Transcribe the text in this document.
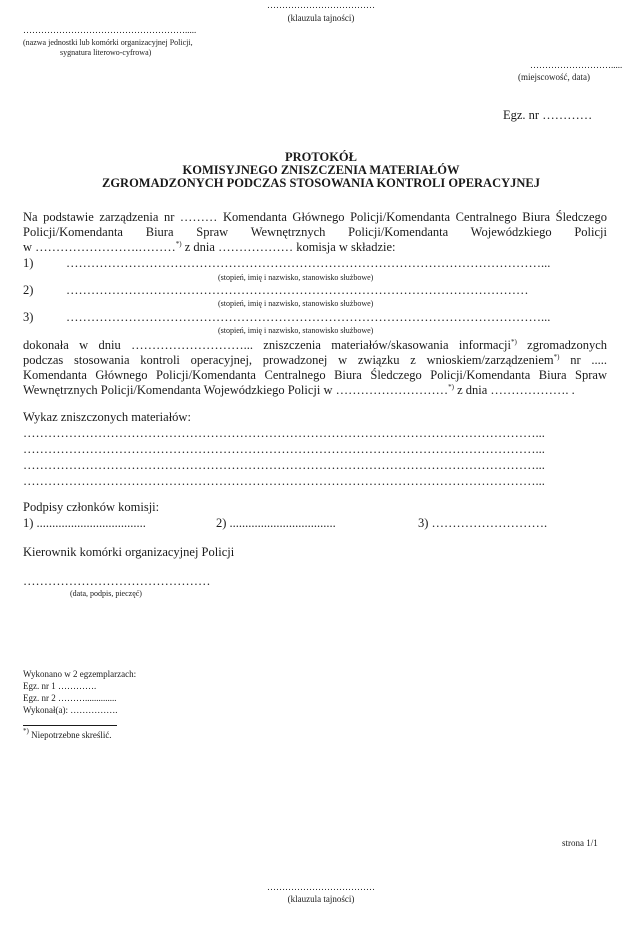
………………………………
(klauzula tajności)
……………………………………………….....
(nazwa jednostki lub komórki organizacyjnej Policji,
sygnatura literowo-cyfrowa)
……………………….....
(miejscowość, data)
Egz. nr …………
PROTOKÓŁ
KOMISYJNEGO ZNISZCZENIA MATERIAŁÓW
ZGROMADZONYCH PODCZAS STOSOWANIA KONTROLI OPERACYJNEJ
Na podstawie zarządzenia nr ……… Komendanta Głównego Policji/Komendanta Centralnego Biura Śledczego
Policji/Komendanta Biura Spraw Wewnętrznych Policji/Komendanta Wojewódzkiego Policji
w …………………….………*) z dnia ……………… komisja w składzie:
1)	……………………………………………………………………………………………………...
(stopień, imię i nazwisko, stanowisko służbowe)
2)	…………………………………………………………………………………………………
(stopień, imię i nazwisko, stanowisko służbowe)
3)	……………………………………………………………………………………………………...
(stopień, imię i nazwisko, stanowisko służbowe)
dokonała w dniu ………………………... zniszczenia materiałów/skasowania informacji*) zgromadzonych
podczas stosowania kontroli operacyjnej, prowadzonej w związku z wnioskiem/zarządzeniem*) nr .....
Komendanta Głównego Policji/Komendanta Centralnego Biura Śledczego Policji/Komendanta Biura Spraw
Wewnętrznych Policji/Komendanta Wojewódzkiego Policji w ………………………*) z dnia ………………. .
Wykaz zniszczonych materiałów:
……………………………………………………………………………………………………………...
……………………………………………………………………………………………………………...
……………………………………………………………………………………………………………...
……………………………………………………………………………………………………………...
Podpisy członków komisji:
1) ...................................	2) ..................................	3) ……………………….
Kierownik komórki organizacyjnej Policji
………………………………………
(data, podpis, pieczęć)
Wykonano w 2 egzemplarzach:
Egz. nr 1 ………….
Egz. nr 2 ………..............
Wykonał(a): …………….
*) Niepotrzebne skreślić.
strona 1/1
………………………………
(klauzula tajności)
